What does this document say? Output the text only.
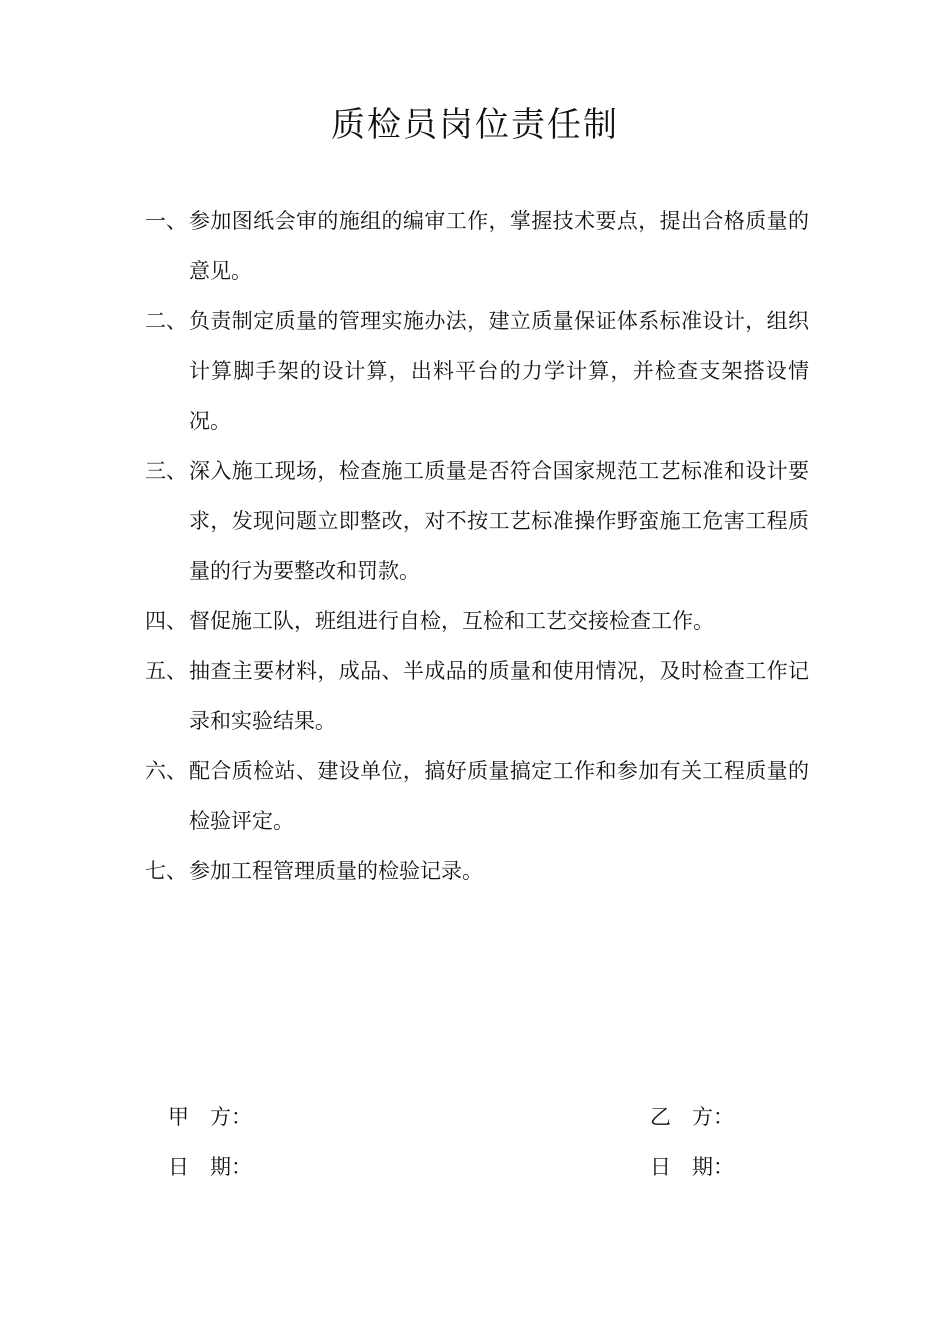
质检员岗位责任制
一、 参加图纸会审的施组的编审工作，掌握技术要点，提出合格质量的意见。
二、 负责制定质量的管理实施办法，建立质量保证体系标准设计，组织计算脚手架的设计算，出料平台的力学计算，并检查支架搭设情况。
三、 深入施工现场，检查施工质量是否符合国家规范工艺标准和设计要求，发现问题立即整改，对不按工艺标准操作野蛮施工危害工程质量的行为要整改和罚款。
四、 督促施工队，班组进行自检，互检和工艺交接检查工作。
五、 抽查主要材料，成品、半成品的质量和使用情况，及时检查工作记录和实验结果。
六、 配合质检站、建设单位，搞好质量搞定工作和参加有关工程质量的检验评定。
七、 参加工程管理质量的检验记录。
甲　方：	乙　方：
日　期：	日　期：
